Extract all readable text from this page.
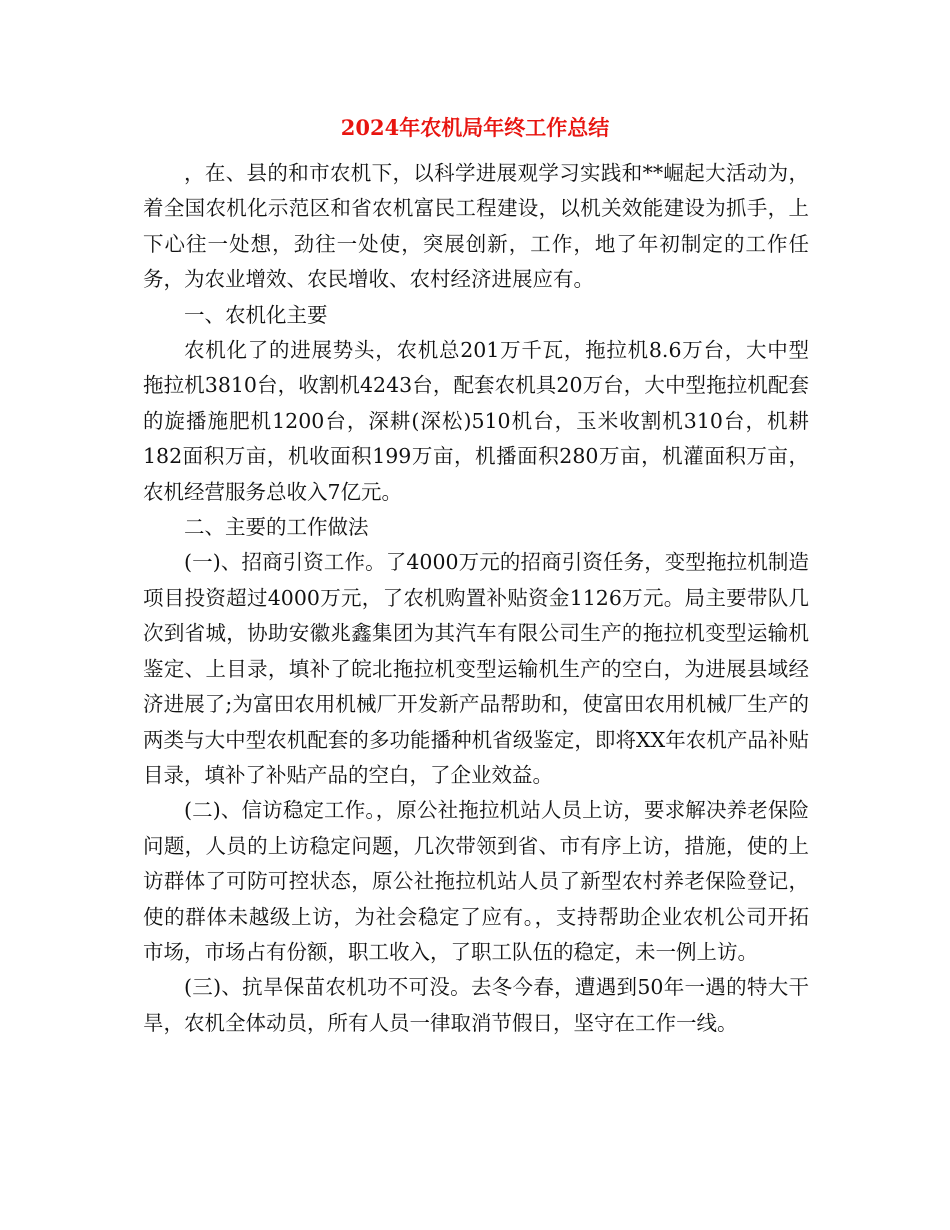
2024年农机局年终工作总结

，在、县的和市农机下，以科学进展观学习实践和**崛起大活动为，着全国农机化示范区和省农机富民工程建设，以机关效能建设为抓手，上下心往一处想，劲往一处使，突展创新，工作，地了年初制定的工作任务，为农业增效、农民增收、农村经济进展应有。

一、农机化主要

农机化了的进展势头，农机总201万千瓦，拖拉机8.6万台，大中型拖拉机3810台，收割机4243台，配套农机具20万台，大中型拖拉机配套的旋播施肥机1200台，深耕(深松)510机台，玉米收割机310台，机耕182面积万亩，机收面积199万亩，机播面积280万亩，机灌面积万亩，农机经营服务总收入7亿元。

二、主要的工作做法

(一)、招商引资工作。了4000万元的招商引资任务，变型拖拉机制造项目投资超过4000万元，了农机购置补贴资金1126万元。局主要带队几次到省城，协助安徽兆鑫集团为其汽车有限公司生产的拖拉机变型运输机鉴定、上目录，填补了皖北拖拉机变型运输机生产的空白，为进展县域经济进展了;为富田农用机械厂开发新产品帮助和，使富田农用机械厂生产的两类与大中型农机配套的多功能播种机省级鉴定，即将XX年农机产品补贴目录，填补了补贴产品的空白，了企业效益。

(二)、信访稳定工作。，原公社拖拉机站人员上访，要求解决养老保险问题，人员的上访稳定问题，几次带领到省、市有序上访，措施，使的上访群体了可防可控状态，原公社拖拉机站人员了新型农村养老保险登记，使的群体未越级上访，为社会稳定了应有。，支持帮助企业农机公司开拓市场，市场占有份额，职工收入，了职工队伍的稳定，未一例上访。

(三)、抗旱保苗农机功不可没。去冬今春，遭遇到50年一遇的特大干旱，农机全体动员，所有人员一律取消节假日，坚守在工作一线。
